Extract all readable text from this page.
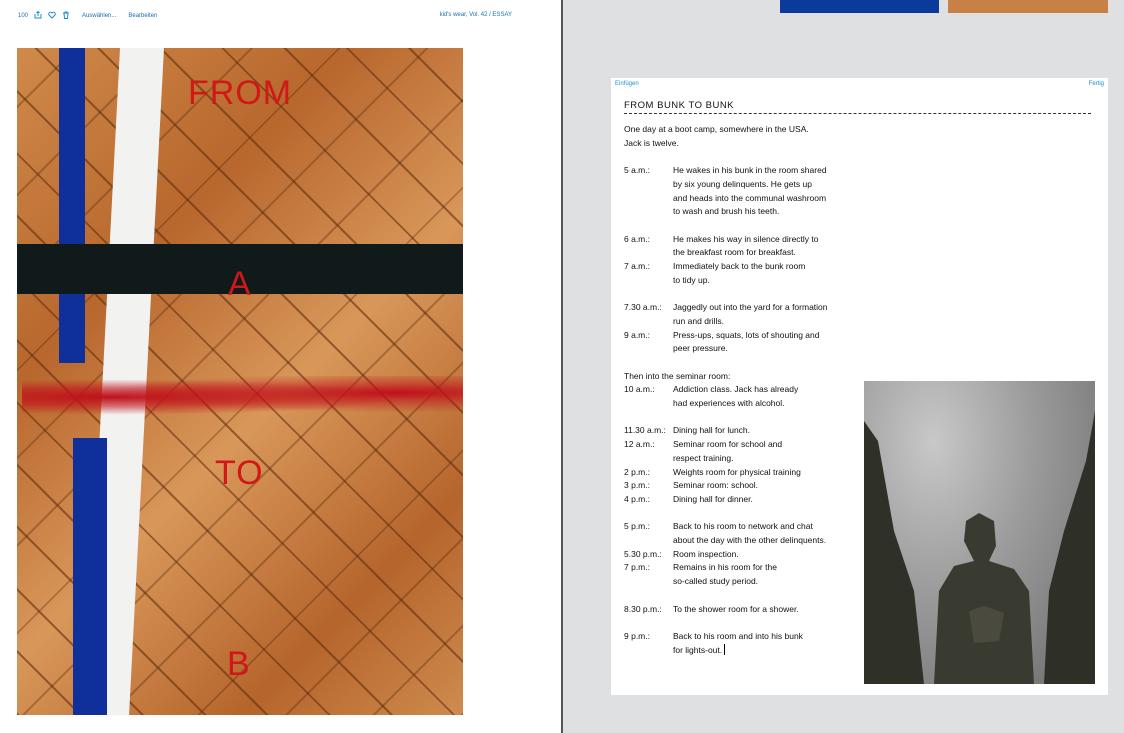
100	Auswählen... Bearbeiten	kid's wear, Vol. 42 / ESSAY
FROM
A
TO
B
Einfügen	Fertig
FROM BUNK TO BUNK
One day at a boot camp, somewhere in the USA.
Jack is twelve.
5 a.m.:	He wakes in his bunk in the room shared
by six young delinquents. He gets up
and heads into the communal washroom
to wash and brush his teeth.
6 a.m.:	He makes his way in silence directly to
the breakfast room for breakfast.
7 a.m.:	Immediately back to the bunk room
to tidy up.
7.30 a.m.:	Jaggedly out into the yard for a formation
run and drills.
9 a.m.:	Press-ups, squats, lots of shouting and
peer pressure.
Then into the seminar room:
10 a.m.:	Addiction class. Jack has already
had experiences with alcohol.
11.30 a.m.: Dining hall for lunch.
12 a.m.:	Seminar room for school and
respect training.
2 p.m.:	Weights room for physical training
3 p.m.:	Seminar room: school.
4 p.m.:	Dining hall for dinner.
5 p.m.:	Back to his room to network and chat
about the day with the other delinquents.
5.30 p.m.:	Room inspection.
7 p.m.:	Remains in his room for the
so-called study period.
8.30 p.m.:	To the shower room for a shower.
9 p.m.:	Back to his room and into his bunk
for lights-out.
